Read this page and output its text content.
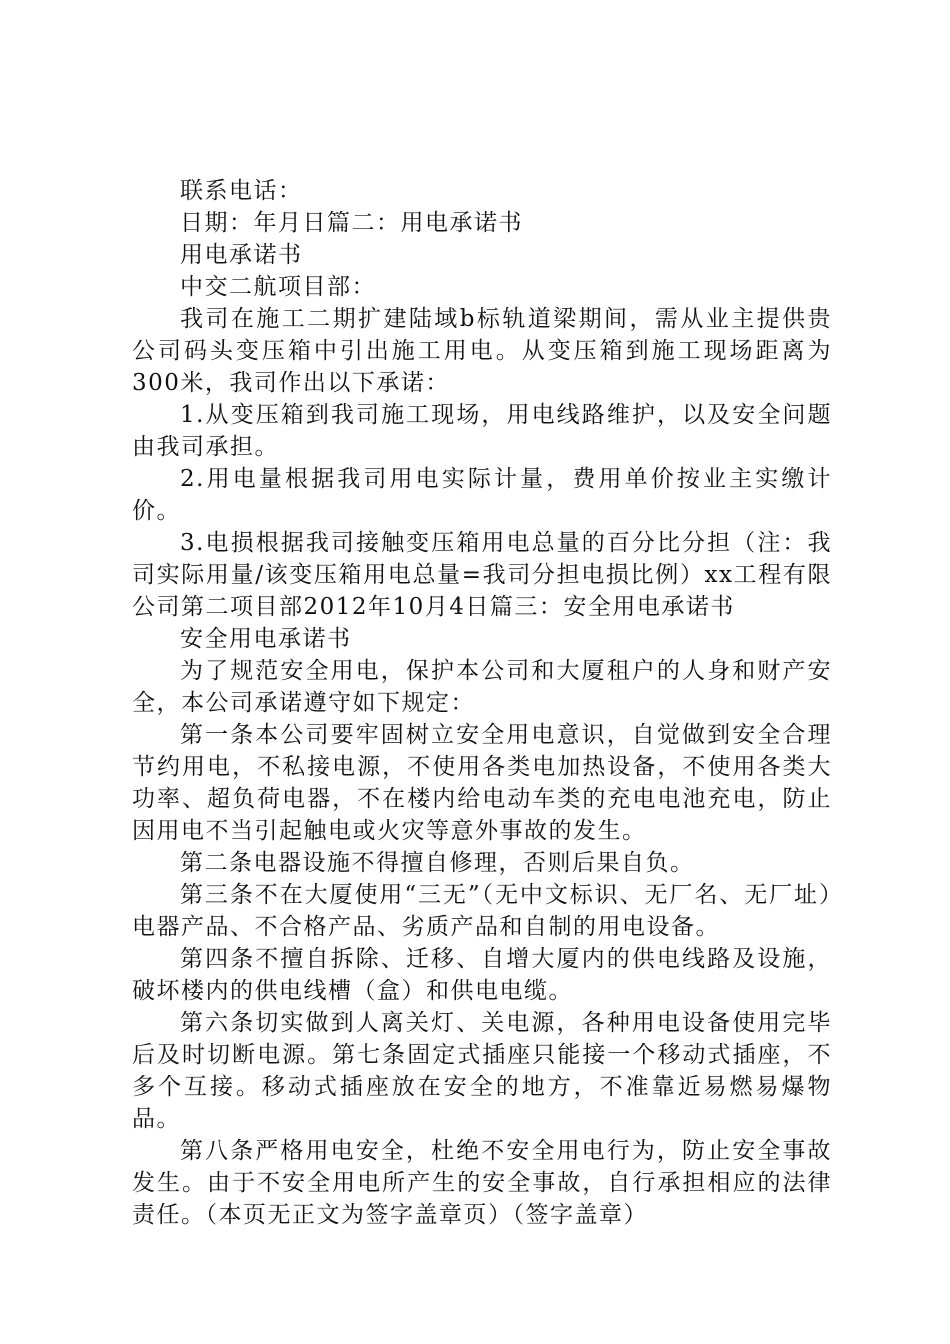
联系电话：

日期：年月日篇二：用电承诺书

用电承诺书

中交二航项目部：

我司在施工二期扩建陆域b标轨道梁期间，需从业主提供贵公司码头变压箱中引出施工用电。从变压箱到施工现场距离为300米，我司作出以下承诺：

1.从变压箱到我司施工现场，用电线路维护，以及安全问题由我司承担。

2.用电量根据我司用电实际计量，费用单价按业主实缴计价。

3.电损根据我司接触变压箱用电总量的百分比分担（注：我司实际用量/该变压箱用电总量=我司分担电损比例）xx工程有限公司第二项目部2012年10月4日篇三：安全用电承诺书

安全用电承诺书

为了规范安全用电，保护本公司和大厦租户的人身和财产安全，本公司承诺遵守如下规定：

第一条本公司要牢固树立安全用电意识，自觉做到安全合理节约用电，不私接电源，不使用各类电加热设备，不使用各类大功率、超负荷电器，不在楼内给电动车类的充电电池充电，防止因用电不当引起触电或火灾等意外事故的发生。

第二条电器设施不得擅自修理，否则后果自负。

第三条不在大厦使用“三无”（无中文标识、无厂名、无厂址）电器产品、不合格产品、劣质产品和自制的用电设备。

第四条不擅自拆除、迁移、自增大厦内的供电线路及设施，破坏楼内的供电线槽（盒）和供电电缆。

第六条切实做到人离关灯、关电源，各种用电设备使用完毕后及时切断电源。第七条固定式插座只能接一个移动式插座，不多个互接。移动式插座放在安全的地方，不准靠近易燃易爆物品。

第八条严格用电安全，杜绝不安全用电行为，防止安全事故发生。由于不安全用电所产生的安全事故，自行承担相应的法律责任。（本页无正文为签字盖章页）（签字盖章）
